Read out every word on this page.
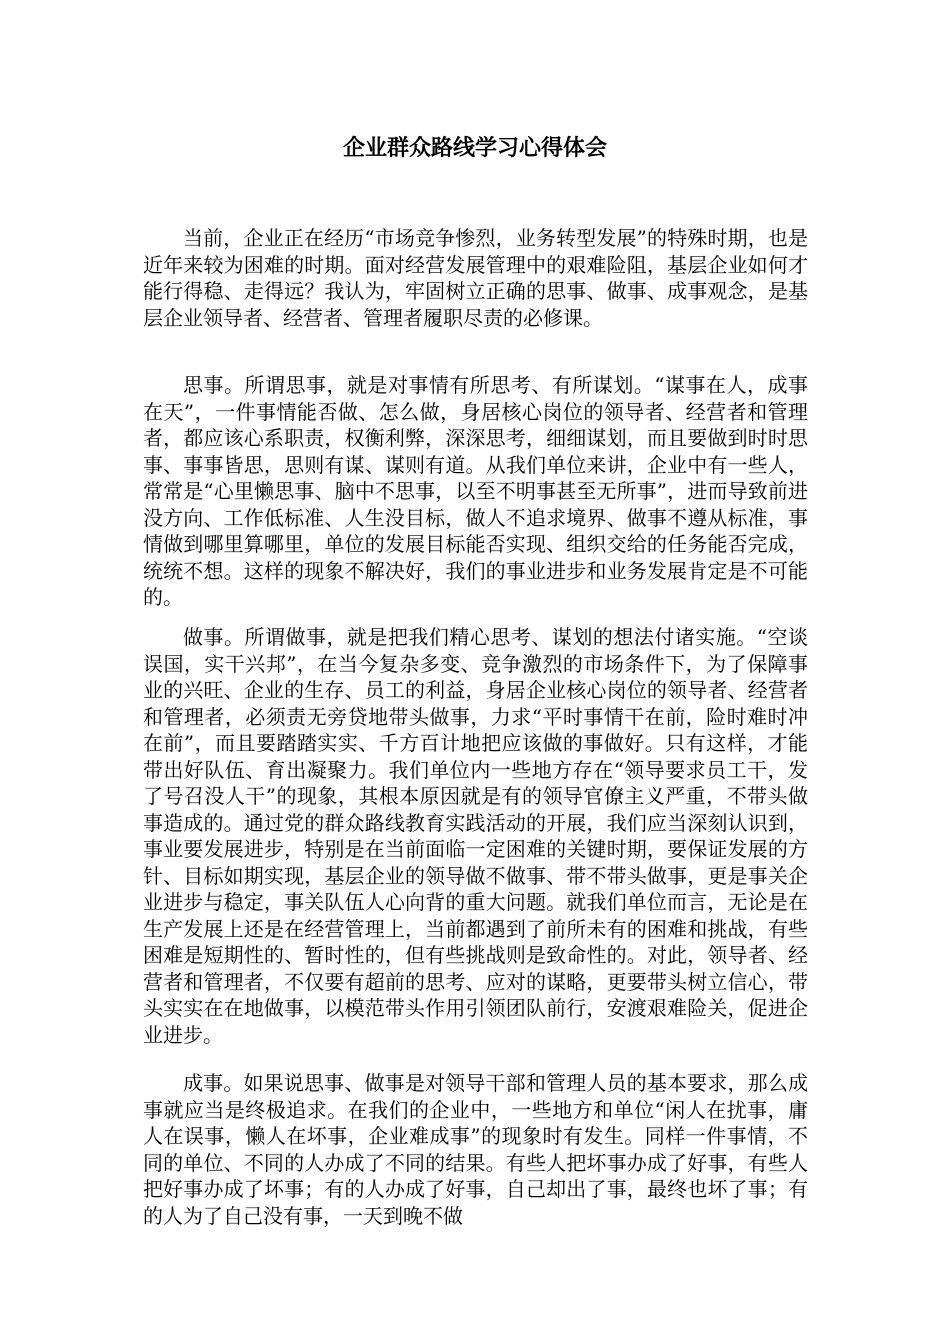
企业群众路线学习心得体会

当前，企业正在经历“市场竞争惨烈，业务转型发展”的特殊时期，也是近年来较为困难的时期。面对经营发展管理中的艰难险阻，基层企业如何才能行得稳、走得远？我认为，牢固树立正确的思事、做事、成事观念，是基层企业领导者、经营者、管理者履职尽责的必修课。

思事。所谓思事，就是对事情有所思考、有所谋划。“谋事在人，成事在天”，一件事情能否做、怎么做，身居核心岗位的领导者、经营者和管理者，都应该心系职责，权衡利弊，深深思考，细细谋划，而且要做到时时思事、事事皆思，思则有谋、谋则有道。从我们单位来讲，企业中有一些人，常常是“心里懒思事、脑中不思事，以至不明事甚至无所事”，进而导致前进没方向、工作低标准、人生没目标，做人不追求境界、做事不遵从标准，事情做到哪里算哪里，单位的发展目标能否实现、组织交给的任务能否完成，统统不想。这样的现象不解决好，我们的事业进步和业务发展肯定是不可能的。

做事。所谓做事，就是把我们精心思考、谋划的想法付诸实施。“空谈误国，实干兴邦”，在当今复杂多变、竞争激烈的市场条件下，为了保障事业的兴旺、企业的生存、员工的利益，身居企业核心岗位的领导者、经营者和管理者，必须责无旁贷地带头做事，力求“平时事情干在前，险时难时冲在前”，而且要踏踏实实、千方百计地把应该做的事做好。只有这样，才能带出好队伍、育出凝聚力。我们单位内一些地方存在“领导要求员工干，发了号召没人干”的现象，其根本原因就是有的领导官僚主义严重，不带头做事造成的。通过党的群众路线教育实践活动的开展，我们应当深刻认识到，事业要发展进步，特别是在当前面临一定困难的关键时期，要保证发展的方针、目标如期实现，基层企业的领导做不做事、带不带头做事，更是事关企业进步与稳定，事关队伍人心向背的重大问题。就我们单位而言，无论是在生产发展上还是在经营管理上，当前都遇到了前所未有的困难和挑战，有些困难是短期性的、暂时性的，但有些挑战则是致命性的。对此，领导者、经营者和管理者，不仅要有超前的思考、应对的谋略，更要带头树立信心，带头实实在在地做事，以模范带头作用引领团队前行，安渡艰难险关，促进企业进步。

成事。如果说思事、做事是对领导干部和管理人员的基本要求，那么成事就应当是终极追求。在我们的企业中，一些地方和单位“闲人在扰事，庸人在误事，懒人在坏事，企业难成事”的现象时有发生。同样一件事情，不同的单位、不同的人办成了不同的结果。有些人把坏事办成了好事，有些人把好事办成了坏事；有的人办成了好事，自己却出了事，最终也坏了事；有的人为了自己没有事，一天到晚不做
